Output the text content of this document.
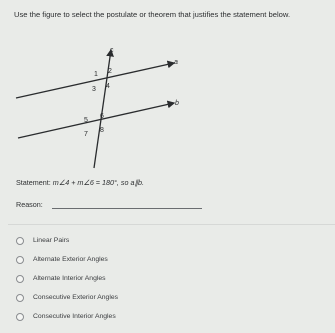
Use the figure to select the postulate or theorem that justifies the statement below.
c
a
b
1 2
3 4
5
6
7
8
Statement: m∠4 + m∠6 = 180°, so a∥b.
Reason:
Linear Pairs
Alternate Exterior Angles
Alternate Interior Angles
Consecutive Exterior Angles
Consecutive Interior Angles
